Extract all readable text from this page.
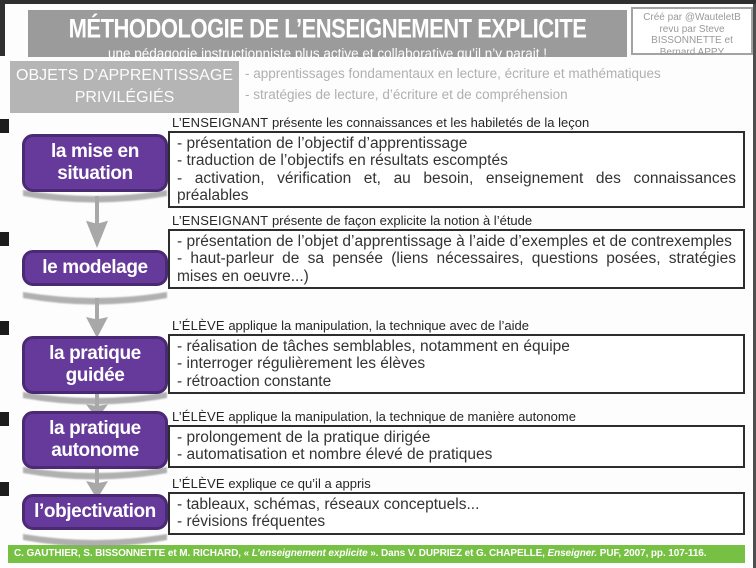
MÉTHODOLOGIE DE L’ENSEIGNEMENT EXPLICITE
une pédagogie instructionniste plus active et collaborative qu’il n’y parait !
Créé par @WauteletB
revu par Steve
BISSONNETTE et
Bernard APPY
OBJETS D’APPRENTISSAGE
PRIVILÉGIÉS
- apprentissages fondamentaux en lecture, écriture et mathématiques
- stratégies de lecture, d’écriture et de compréhension
L’ENSEIGNANT présente les connaissances et les habiletés de la leçon
- présentation de l’objectif d’apprentissage
- traduction de l’objectifs en résultats escomptés
- activation, vérification et, au besoin, enseignement des connaissances préalables
la mise en
situation
L’ENSEIGNANT présente de façon explicite la notion à l’étude
- présentation de l’objet d’apprentissage à l’aide d’exemples et de contrexemples
- haut-parleur de sa pensée (liens nécessaires, questions posées, stratégies mises en oeuvre...)
le modelage
L’ÉLÈVE applique la manipulation, la technique avec de l’aide
- réalisation de tâches semblables, notamment en équipe
- interroger régulièrement les élèves
- rétroaction constante
la pratique
guidée
L’ÉLÈVE applique la manipulation, la technique de manière autonome
- prolongement de la pratique dirigée
- automatisation et nombre élevé de pratiques
la pratique
autonome
L’ÉLÈVE explique ce qu’il a appris
- tableaux, schémas, réseaux conceptuels...
- révisions fréquentes
l’objectivation
C. GAUTHIER, S. BISSONNETTE et M. RICHARD, « L’enseignement explicite ». Dans V. DUPRIEZ et G. CHAPELLE, Enseigner. PUF, 2007, pp. 107-116.
